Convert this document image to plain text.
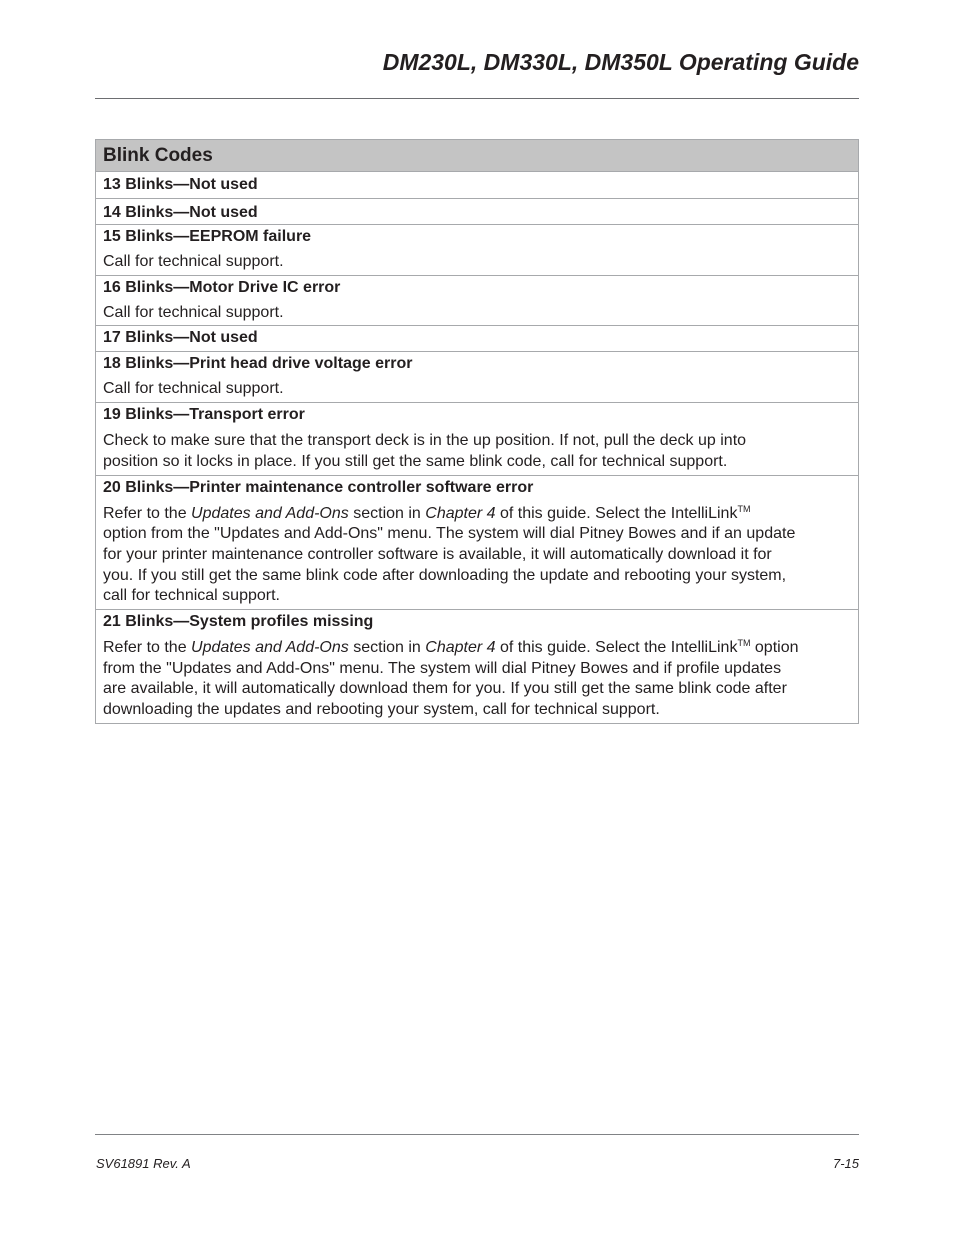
DM230L, DM330L, DM350L Operating Guide
Blink Codes
13 Blinks—Not used
14 Blinks—Not used
15 Blinks—EEPROM failure
Call for technical support.
16 Blinks—Motor Drive IC error
Call for technical support.
17 Blinks—Not used
18 Blinks—Print head drive voltage error
Call for technical support.
19 Blinks—Transport error
Check to make sure that the transport deck is in the up position. If not, pull the deck up into
position so it locks in place. If you still get the same blink code, call for technical support.
20 Blinks—Printer maintenance controller software error
Refer to the Updates and Add-Ons section in Chapter 4 of this guide. Select the IntelliLink™
option from the "Updates and Add-Ons" menu. The system will dial Pitney Bowes and if an update
for your printer maintenance controller software is available, it will automatically download it for
you. If you still get the same blink code after downloading the update and rebooting your system,
call for technical support.
21 Blinks—System profiles missing
Refer to the Updates and Add-Ons section in Chapter 4 of this guide. Select the IntelliLink™ option
from the "Updates and Add-Ons" menu. The system will dial Pitney Bowes and if profile updates
are available, it will automatically download them for you. If you still get the same blink code after
downloading the updates and rebooting your system, call for technical support.
SV61891 Rev. A	7-15
